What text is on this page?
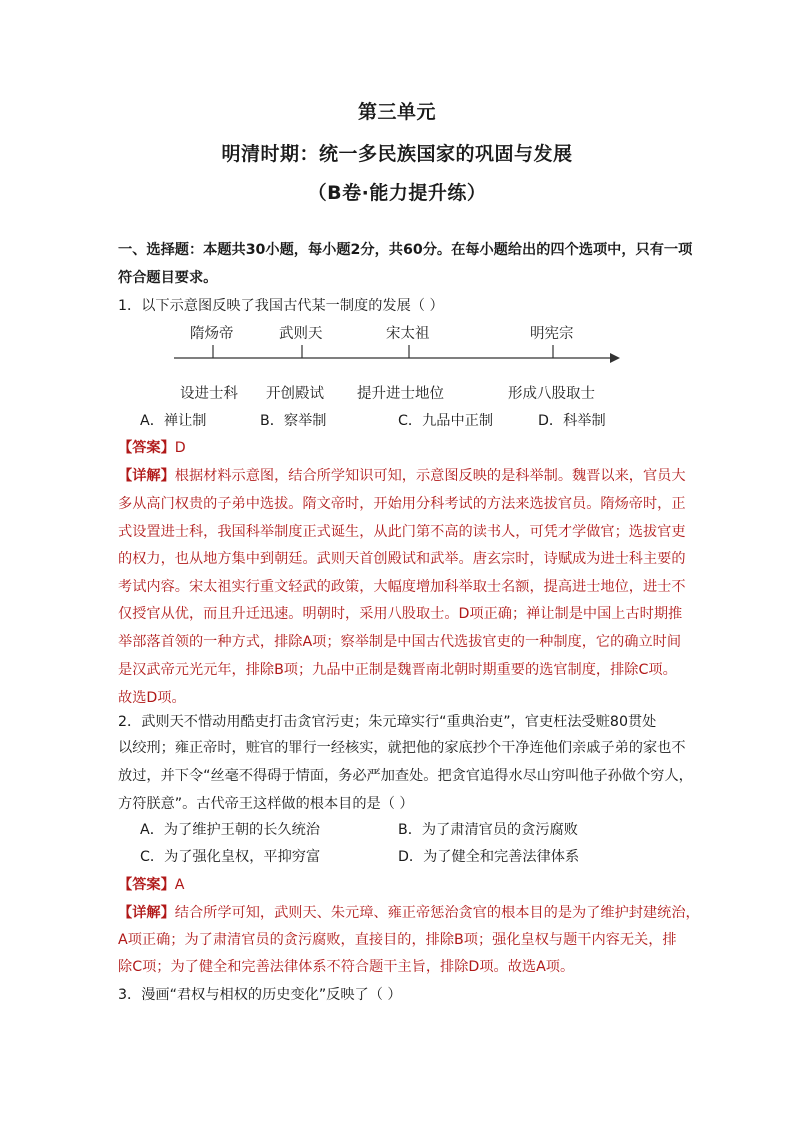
第三单元
明清时期：统一多民族国家的巩固与发展
（B卷·能力提升练）
一、选择题：本题共30小题，每小题2分，共60分。在每小题给出的四个选项中，只有一项
符合题目要求。
1．以下示意图反映了我国古代某一制度的发展（ ）
隋炀帝	武则天	宋太祖	明宪宗
设进士科 开创殿试 提升进士地位	形成八股取士
A．禅让制	B．察举制	C．九品中正制	D．科举制
【答案】D
【详解】根据材料示意图，结合所学知识可知，示意图反映的是科举制。魏晋以来，官员大
多从高门权贵的子弟中选拔。隋文帝时，开始用分科考试的方法来选拔官员。隋炀帝时，正
式设置进士科，我国科举制度正式诞生，从此门第不高的读书人，可凭才学做官；选拔官吏
的权力，也从地方集中到朝廷。武则天首创殿试和武举。唐玄宗时，诗赋成为进士科主要的
考试内容。宋太祖实行重文轻武的政策，大幅度增加科举取士名额，提高进士地位，进士不
仅授官从优，而且升迁迅速。明朝时，采用八股取士。D项正确；禅让制是中国上古时期推
举部落首领的一种方式，排除A项；察举制是中国古代选拔官吏的一种制度，它的确立时间
是汉武帝元光元年，排除B项；九品中正制是魏晋南北朝时期重要的选官制度，排除C项。
故选D项。
2．武则天不惜动用酷吏打击贪官污吏；朱元璋实行“重典治吏”，官吏枉法受赃80贯处
以绞刑；雍正帝时，赃官的罪行一经核实，就把他的家底抄个干净连他们亲戚子弟的家也不
放过，并下令“丝毫不得碍于情面，务必严加查处。把贪官追得水尽山穷叫他子孙做个穷人，
方符朕意”。古代帝王这样做的根本目的是（ ）
A．为了维护王朝的长久统治	B．为了肃清官员的贪污腐败
C．为了强化皇权，平抑穷富	D．为了健全和完善法律体系
【答案】A
【详解】结合所学可知，武则天、朱元璋、雍正帝惩治贪官的根本目的是为了维护封建统治，
A项正确；为了肃清官员的贪污腐败，直接目的，排除B项；强化皇权与题干内容无关，排
除C项；为了健全和完善法律体系不符合题干主旨，排除D项。故选A项。
3．漫画“君权与相权的历史变化”反映了（ ）
